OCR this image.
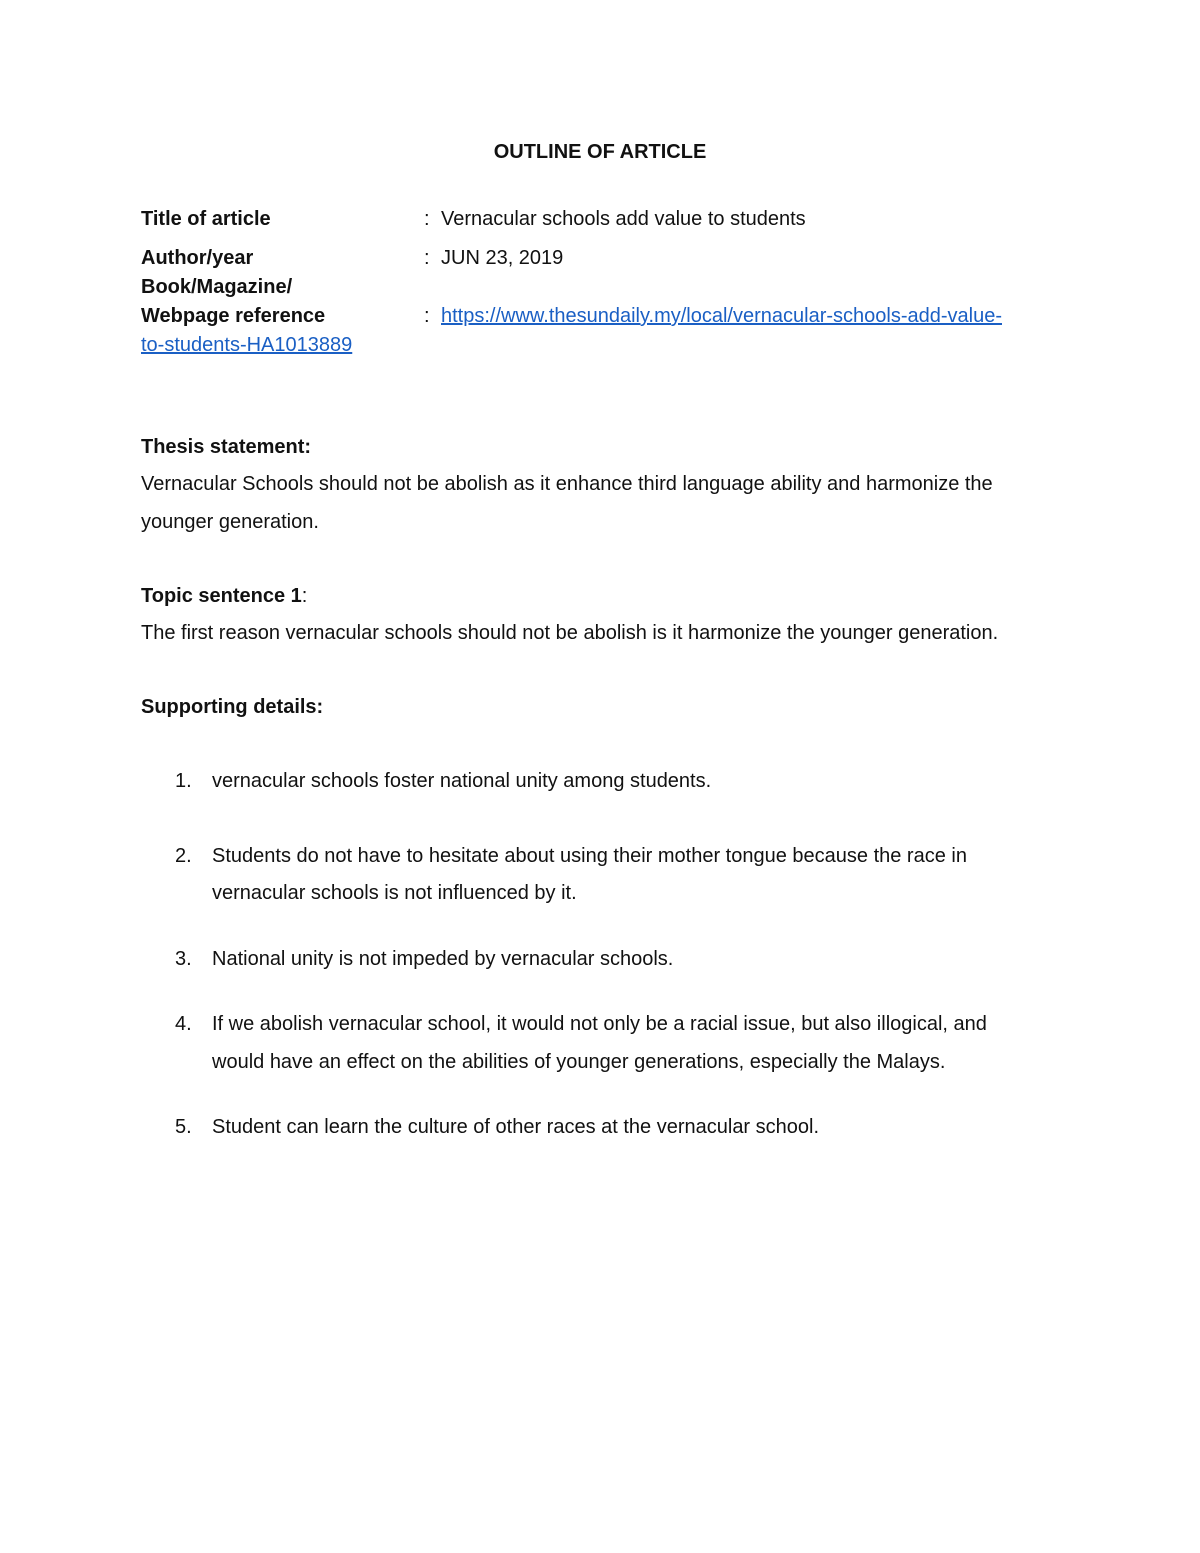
OUTLINE OF ARTICLE
Title of article	: Vernacular schools add value to students
Author/year	: JUN 23, 2019
Book/Magazine/
Webpage reference	: https://www.thesundaily.my/local/vernacular-schools-add-value-
to-students-HA1013889
Thesis statement:
Vernacular Schools should not be abolish as it enhance third language ability and harmonize the
younger generation.
Topic sentence 1:
The first reason vernacular schools should not be abolish is it harmonize the younger generation.
Supporting details:
1. vernacular schools foster national unity among students.
2. Students do not have to hesitate about using their mother tongue because the race in
vernacular schools is not influenced by it.
3. National unity is not impeded by vernacular schools.
4. If we abolish vernacular school, it would not only be a racial issue, but also illogical, and
would have an effect on the abilities of younger generations, especially the Malays.
5. Student can learn the culture of other races at the vernacular school.
